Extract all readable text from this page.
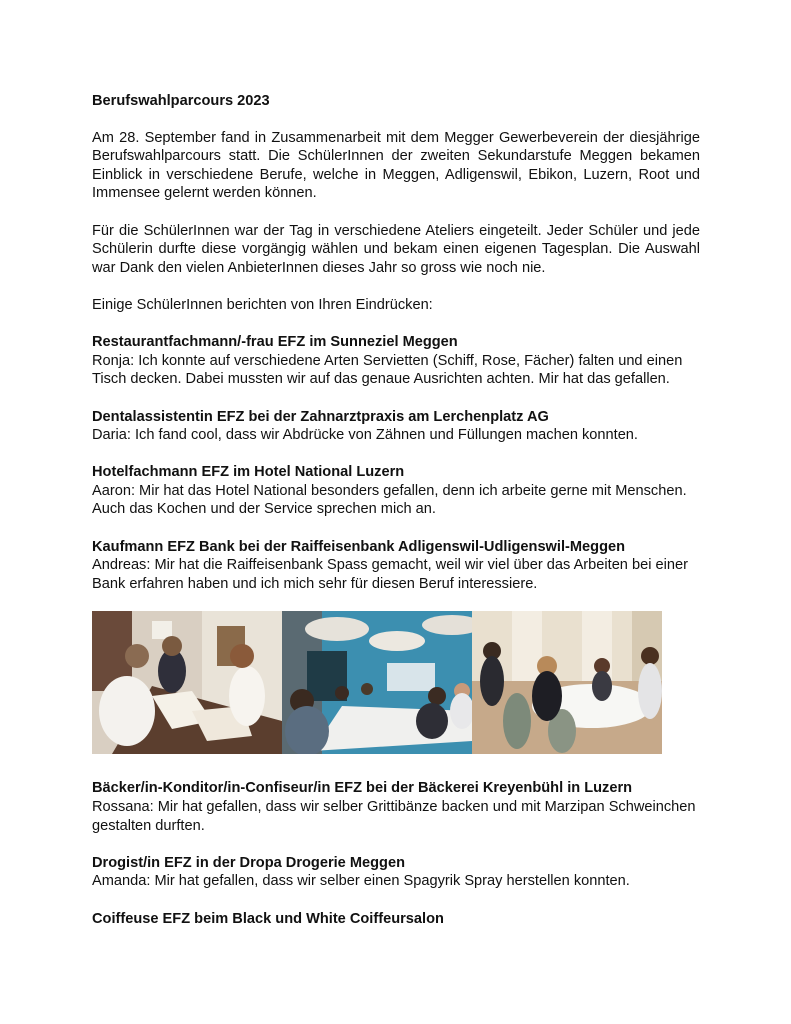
Berufswahlparcours 2023

Am 28. September fand in Zusammenarbeit mit dem Megger Gewerbeverein der diesjährige Berufswahlparcours statt. Die SchülerInnen der zweiten Sekundarstufe Meggen bekamen Einblick in verschiedene Berufe, welche in Meggen, Adligenswil, Ebikon, Luzern, Root und Immensee gelernt werden können.

Für die SchülerInnen war der Tag in verschiedene Ateliers eingeteilt. Jeder Schüler und jede Schülerin durfte diese vorgängig wählen und bekam einen eigenen Tagesplan. Die Auswahl war Dank den vielen AnbieterInnen dieses Jahr so gross wie noch nie.

Einige SchülerInnen berichten von Ihren Eindrücken:

Restaurantfachmann/-frau EFZ im Sunneziel Meggen

Ronja: Ich konnte auf verschiedene Arten Servietten (Schiff, Rose, Fächer) falten und einen Tisch decken. Dabei mussten wir auf das genaue Ausrichten achten. Mir hat das gefallen.

Dentalassistentin EFZ bei der Zahnarztpraxis am Lerchenplatz AG

Daria: Ich fand cool, dass wir Abdrücke von Zähnen und Füllungen machen konnten.

Hotelfachmann EFZ im Hotel National Luzern

Aaron: Mir hat das Hotel National besonders gefallen, denn ich arbeite gerne mit Menschen. Auch das Kochen und der Service sprechen mich an.

Kaufmann EFZ Bank bei der Raiffeisenbank Adligenswil-Udligenswil-Meggen

Andreas: Mir hat die Raiffeisenbank Spass gemacht, weil wir viel über das Arbeiten bei einer Bank erfahren haben und ich mich sehr für diesen Beruf interessiere.

Bäcker/in-Konditor/in-Confiseur/in EFZ bei der Bäckerei Kreyenbühl in Luzern

Rossana: Mir hat gefallen, dass wir selber Grittibänze backen und mit Marzipan Schweinchen gestalten durften.

Drogist/in EFZ in der Dropa Drogerie Meggen

Amanda: Mir hat gefallen, dass wir selber einen Spagyrik Spray herstellen konnten.

Coiffeuse EFZ beim Black und White Coiffeursalon
